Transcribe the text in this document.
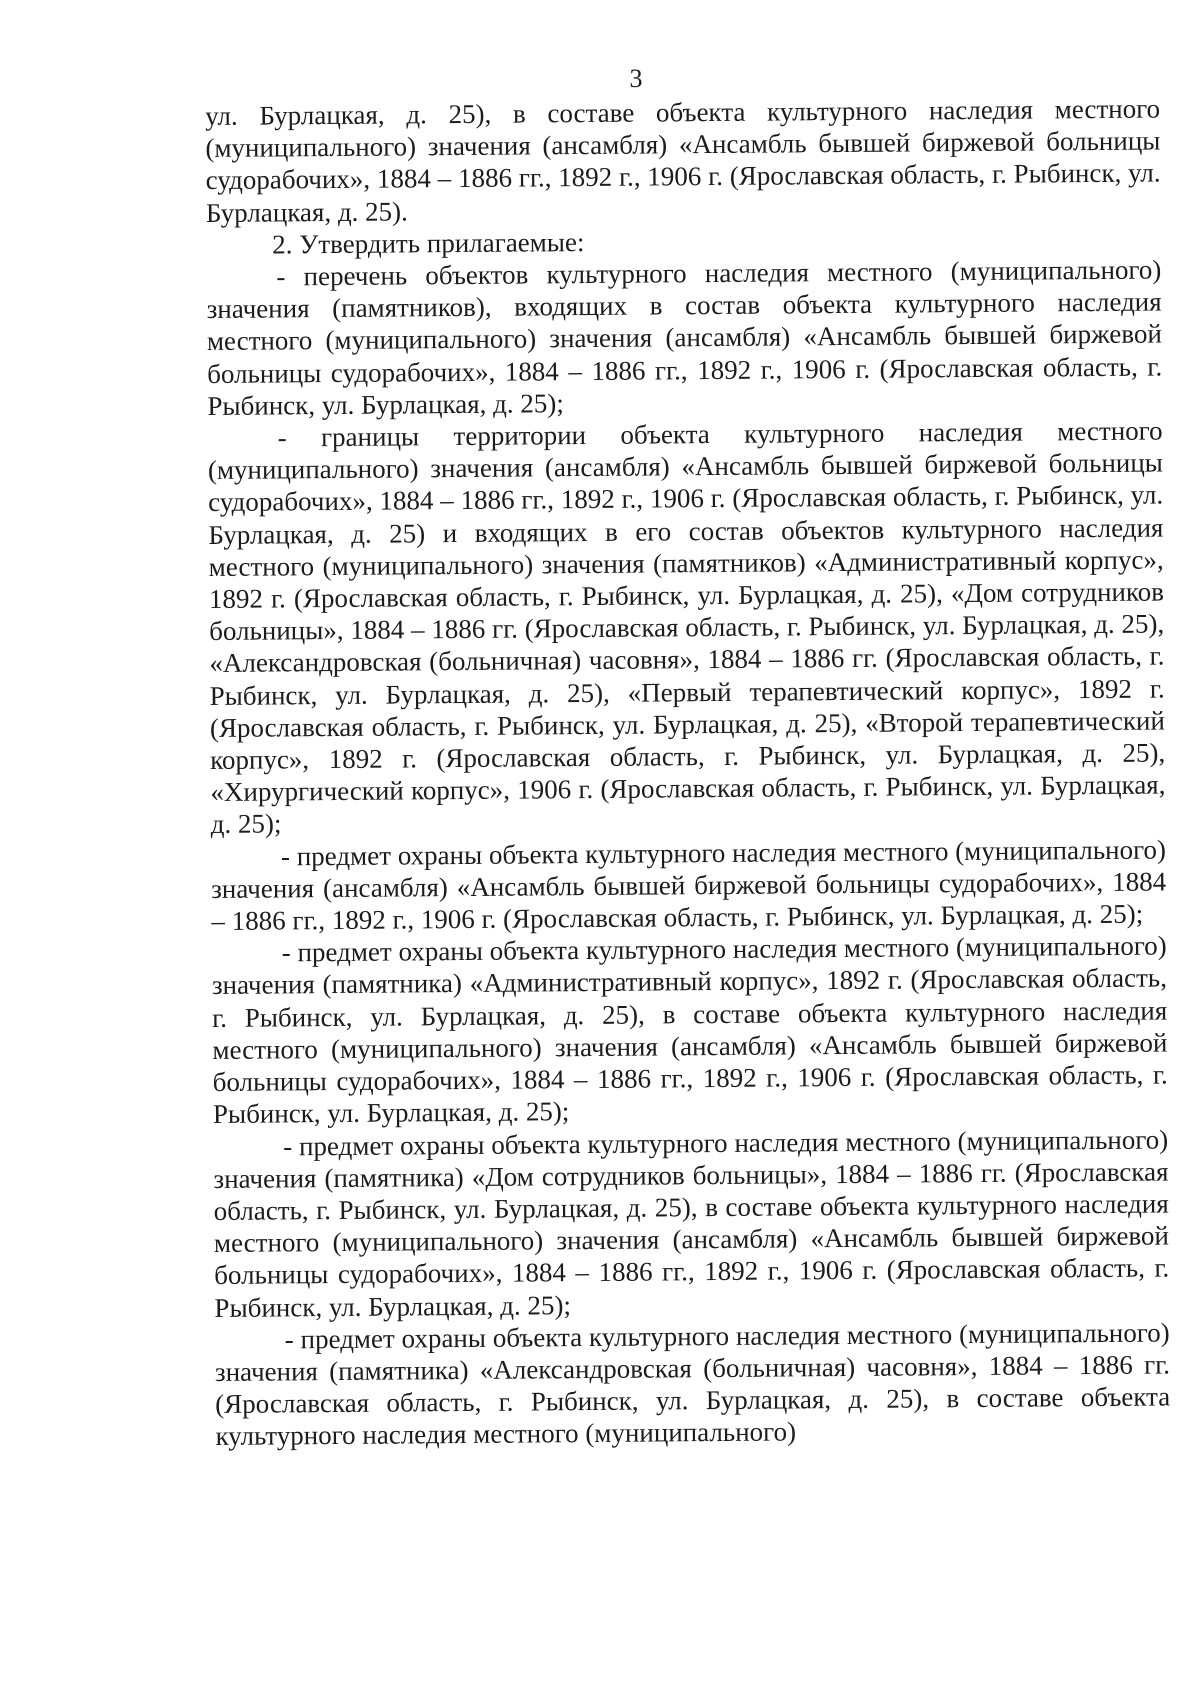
3

ул. Бурлацкая, д. 25), в составе объекта культурного наследия местного (муниципального) значения (ансамбля) «Ансамбль бывшей биржевой больницы судорабочих», 1884 – 1886 гг., 1892 г., 1906 г. (Ярославская область, г. Рыбинск, ул. Бурлацкая, д. 25).

2. Утвердить прилагаемые:

- перечень объектов культурного наследия местного (муниципального) значения (памятников), входящих в состав объекта культурного наследия местного (муниципального) значения (ансамбля) «Ансамбль бывшей биржевой больницы судорабочих», 1884 – 1886 гг., 1892 г., 1906 г. (Ярославская область, г. Рыбинск, ул. Бурлацкая, д. 25);

- границы территории объекта культурного наследия местного (муниципального) значения (ансамбля) «Ансамбль бывшей биржевой больницы судорабочих», 1884 – 1886 гг., 1892 г., 1906 г. (Ярославская область, г. Рыбинск, ул. Бурлацкая, д. 25) и входящих в его состав объектов культурного наследия местного (муниципального) значения (памятников) «Административный корпус», 1892 г. (Ярославская область, г. Рыбинск, ул. Бурлацкая, д. 25), «Дом сотрудников больницы», 1884 – 1886 гг. (Ярославская область, г. Рыбинск, ул. Бурлацкая, д. 25), «Александровская (больничная) часовня», 1884 – 1886 гг. (Ярославская область, г. Рыбинск, ул. Бурлацкая, д. 25), «Первый терапевтический корпус», 1892 г. (Ярославская область, г. Рыбинск, ул. Бурлацкая, д. 25), «Второй терапевтический корпус», 1892 г. (Ярославская область, г. Рыбинск, ул. Бурлацкая, д. 25), «Хирургический корпус», 1906 г. (Ярославская область, г. Рыбинск, ул. Бурлацкая, д. 25);

- предмет охраны объекта культурного наследия местного (муниципального) значения (ансамбля) «Ансамбль бывшей биржевой больницы судорабочих», 1884 – 1886 гг., 1892 г., 1906 г. (Ярославская область, г. Рыбинск, ул. Бурлацкая, д. 25);

- предмет охраны объекта культурного наследия местного (муниципального) значения (памятника) «Административный корпус», 1892 г. (Ярославская область, г. Рыбинск, ул. Бурлацкая, д. 25), в составе объекта культурного наследия местного (муниципального) значения (ансамбля) «Ансамбль бывшей биржевой больницы судорабочих», 1884 – 1886 гг., 1892 г., 1906 г. (Ярославская область, г. Рыбинск, ул. Бурлацкая, д. 25);

- предмет охраны объекта культурного наследия местного (муниципального) значения (памятника) «Дом сотрудников больницы», 1884 – 1886 гг. (Ярославская область, г. Рыбинск, ул. Бурлацкая, д. 25), в составе объекта культурного наследия местного (муниципального) значения (ансамбля) «Ансамбль бывшей биржевой больницы судорабочих», 1884 – 1886 гг., 1892 г., 1906 г. (Ярославская область, г. Рыбинск, ул. Бурлацкая, д. 25);

- предмет охраны объекта культурного наследия местного (муниципального) значения (памятника) «Александровская (больничная) часовня», 1884 – 1886 гг. (Ярославская область, г. Рыбинск, ул. Бурлацкая, д. 25), в составе объекта культурного наследия местного (муниципального)
